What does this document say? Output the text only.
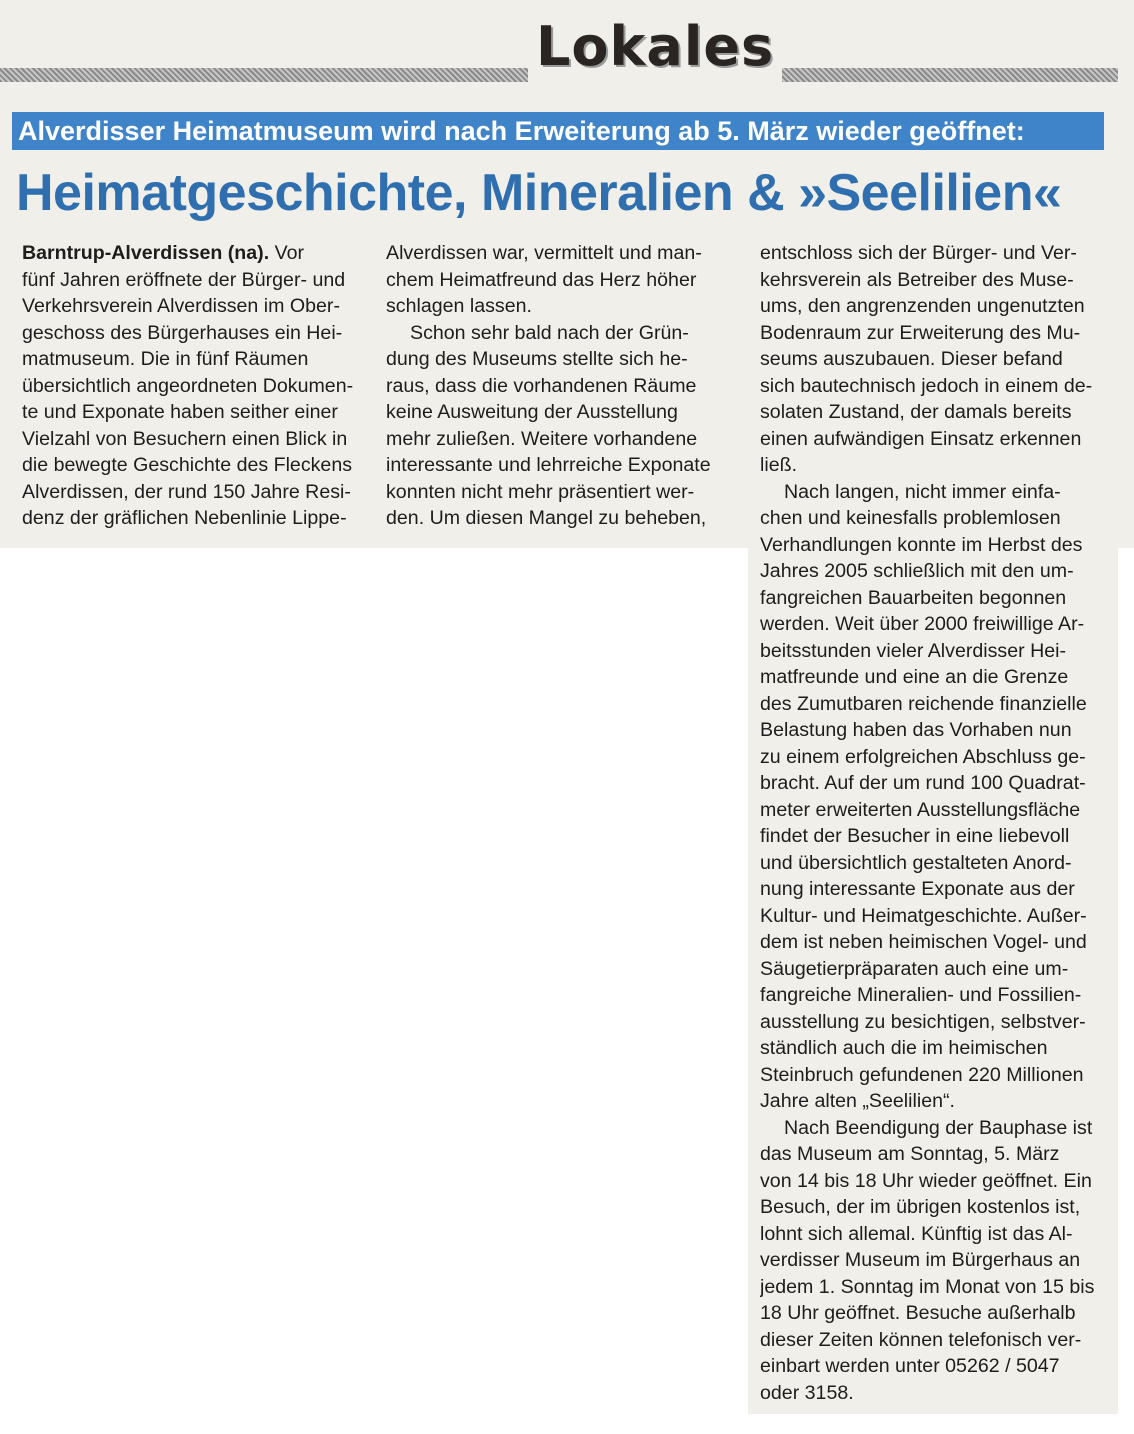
Lokales
Alverdisser Heimatmuseum wird nach Erweiterung ab 5. März wieder geöffnet:
Heimatgeschichte, Mineralien & »Seelilien«
Barntrup-Alverdissen (na). Vor
fünf Jahren eröffnete der Bürger- und
Verkehrsverein Alverdissen im Ober-
geschoss des Bürgerhauses ein Hei-
matmuseum. Die in fünf Räumen
übersichtlich angeordneten Dokumen-
te und Exponate haben seither einer
Vielzahl von Besuchern einen Blick in
die bewegte Geschichte des Fleckens
Alverdissen, der rund 150 Jahre Resi-
denz der gräflichen Nebenlinie Lippe-
Alverdissen war, vermittelt und man-
chem Heimatfreund das Herz höher
schlagen lassen.
Schon sehr bald nach der Grün-
dung des Museums stellte sich he-
raus, dass die vorhandenen Räume
keine Ausweitung der Ausstellung
mehr zuließen. Weitere vorhandene
interessante und lehrreiche Exponate
konnten nicht mehr präsentiert wer-
den. Um diesen Mangel zu beheben,
entschloss sich der Bürger- und Ver-
kehrsverein als Betreiber des Muse-
ums, den angrenzenden ungenutzten
Bodenraum zur Erweiterung des Mu-
seums auszubauen. Dieser befand
sich bautechnisch jedoch in einem de-
solaten Zustand, der damals bereits
einen aufwändigen Einsatz erkennen
ließ.
Nach langen, nicht immer einfa-
chen und keinesfalls problemlosen
Verhandlungen konnte im Herbst des
Jahres 2005 schließlich mit den um-
fangreichen Bauarbeiten begonnen
werden. Weit über 2000 freiwillige Ar-
beitsstunden vieler Alverdisser Hei-
matfreunde und eine an die Grenze
des Zumutbaren reichende finanzielle
Belastung haben das Vorhaben nun
zu einem erfolgreichen Abschluss ge-
bracht. Auf der um rund 100 Quadrat-
meter erweiterten Ausstellungsfläche
findet der Besucher in eine liebevoll
und übersichtlich gestalteten Anord-
nung interessante Exponate aus der
Kultur- und Heimatgeschichte. Außer-
dem ist neben heimischen Vogel- und
Säugetierpräparaten auch eine um-
fangreiche Mineralien- und Fossilien-
ausstellung zu besichtigen, selbstver-
ständlich auch die im heimischen
Steinbruch gefundenen 220 Millionen
Jahre alten „Seelilien“.
Nach Beendigung der Bauphase ist
das Museum am Sonntag, 5. März
von 14 bis 18 Uhr wieder geöffnet. Ein
Besuch, der im übrigen kostenlos ist,
lohnt sich allemal. Künftig ist das Al-
verdisser Museum im Bürgerhaus an
jedem 1. Sonntag im Monat von 15 bis
18 Uhr geöffnet. Besuche außerhalb
dieser Zeiten können telefonisch ver-
einbart werden unter 05262 / 5047
oder 3158.
